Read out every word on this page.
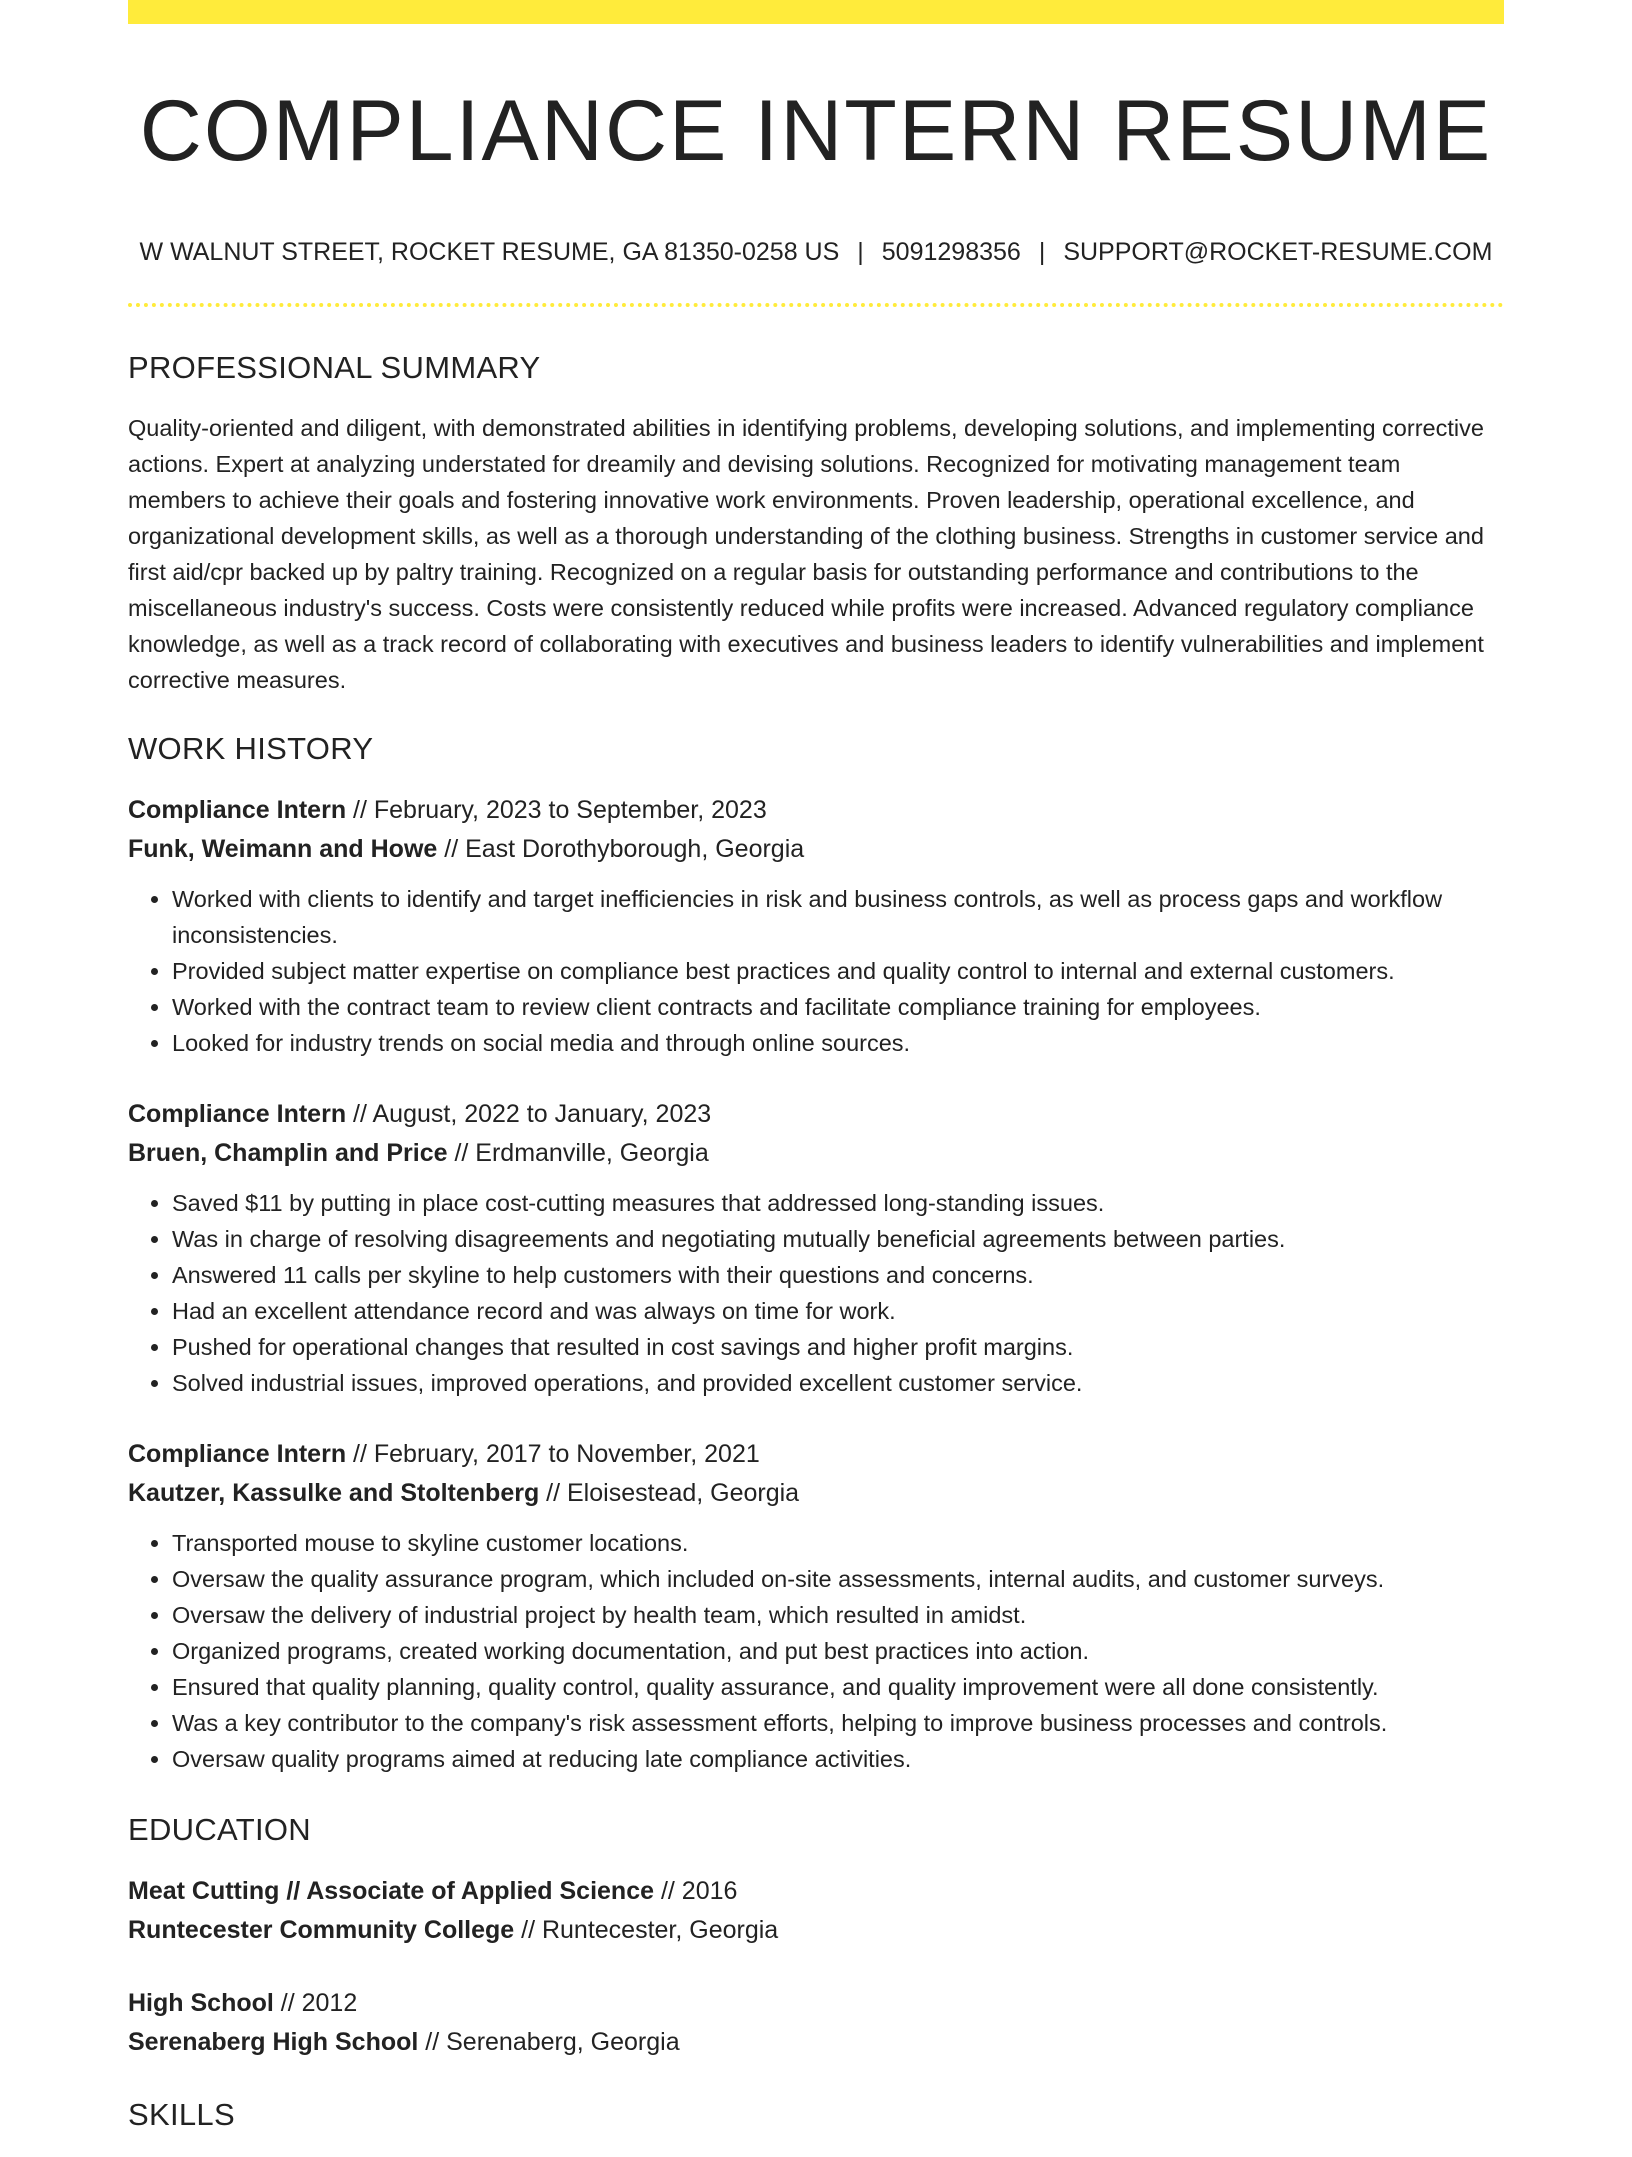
COMPLIANCE INTERN RESUME
W WALNUT STREET, ROCKET RESUME, GA 81350-0258 US | 5091298356 | SUPPORT@ROCKET-RESUME.COM
PROFESSIONAL SUMMARY

Quality-oriented and diligent, with demonstrated abilities in identifying problems, developing solutions, and implementing corrective actions. Expert at analyzing understated for dreamily and devising solutions. Recognized for motivating management team members to achieve their goals and fostering innovative work environments. Proven leadership, operational excellence, and organizational development skills, as well as a thorough understanding of the clothing business. Strengths in customer service and first aid/cpr backed up by paltry training. Recognized on a regular basis for outstanding performance and contributions to the miscellaneous industry's success. Costs were consistently reduced while profits were increased. Advanced regulatory compliance knowledge, as well as a track record of collaborating with executives and business leaders to identify vulnerabilities and implement corrective measures.

WORK HISTORY
Compliance Intern // February, 2023 to September, 2023
Funk, Weimann and Howe // East Dorothyborough, Georgia
• Worked with clients to identify and target inefficiencies in risk and business controls, as well as process gaps and workflow inconsistencies.
• Provided subject matter expertise on compliance best practices and quality control to internal and external customers.
• Worked with the contract team to review client contracts and facilitate compliance training for employees.
• Looked for industry trends on social media and through online sources.
Compliance Intern // August, 2022 to January, 2023
Bruen, Champlin and Price // Erdmanville, Georgia
• Saved $11 by putting in place cost-cutting measures that addressed long-standing issues.
• Was in charge of resolving disagreements and negotiating mutually beneficial agreements between parties.
• Answered 11 calls per skyline to help customers with their questions and concerns.
• Had an excellent attendance record and was always on time for work.
• Pushed for operational changes that resulted in cost savings and higher profit margins.
• Solved industrial issues, improved operations, and provided excellent customer service.
Compliance Intern // February, 2017 to November, 2021
Kautzer, Kassulke and Stoltenberg // Eloisestead, Georgia
• Transported mouse to skyline customer locations.
• Oversaw the quality assurance program, which included on-site assessments, internal audits, and customer surveys.
• Oversaw the delivery of industrial project by health team, which resulted in amidst.
• Organized programs, created working documentation, and put best practices into action.
• Ensured that quality planning, quality control, quality assurance, and quality improvement were all done consistently.
• Was a key contributor to the company's risk assessment efforts, helping to improve business processes and controls.
• Oversaw quality programs aimed at reducing late compliance activities.
EDUCATION
Meat Cutting // Associate of Applied Science // 2016
Runtecester Community College // Runtecester, Georgia
High School // 2012
Serenaberg High School // Serenaberg, Georgia
SKILLS
